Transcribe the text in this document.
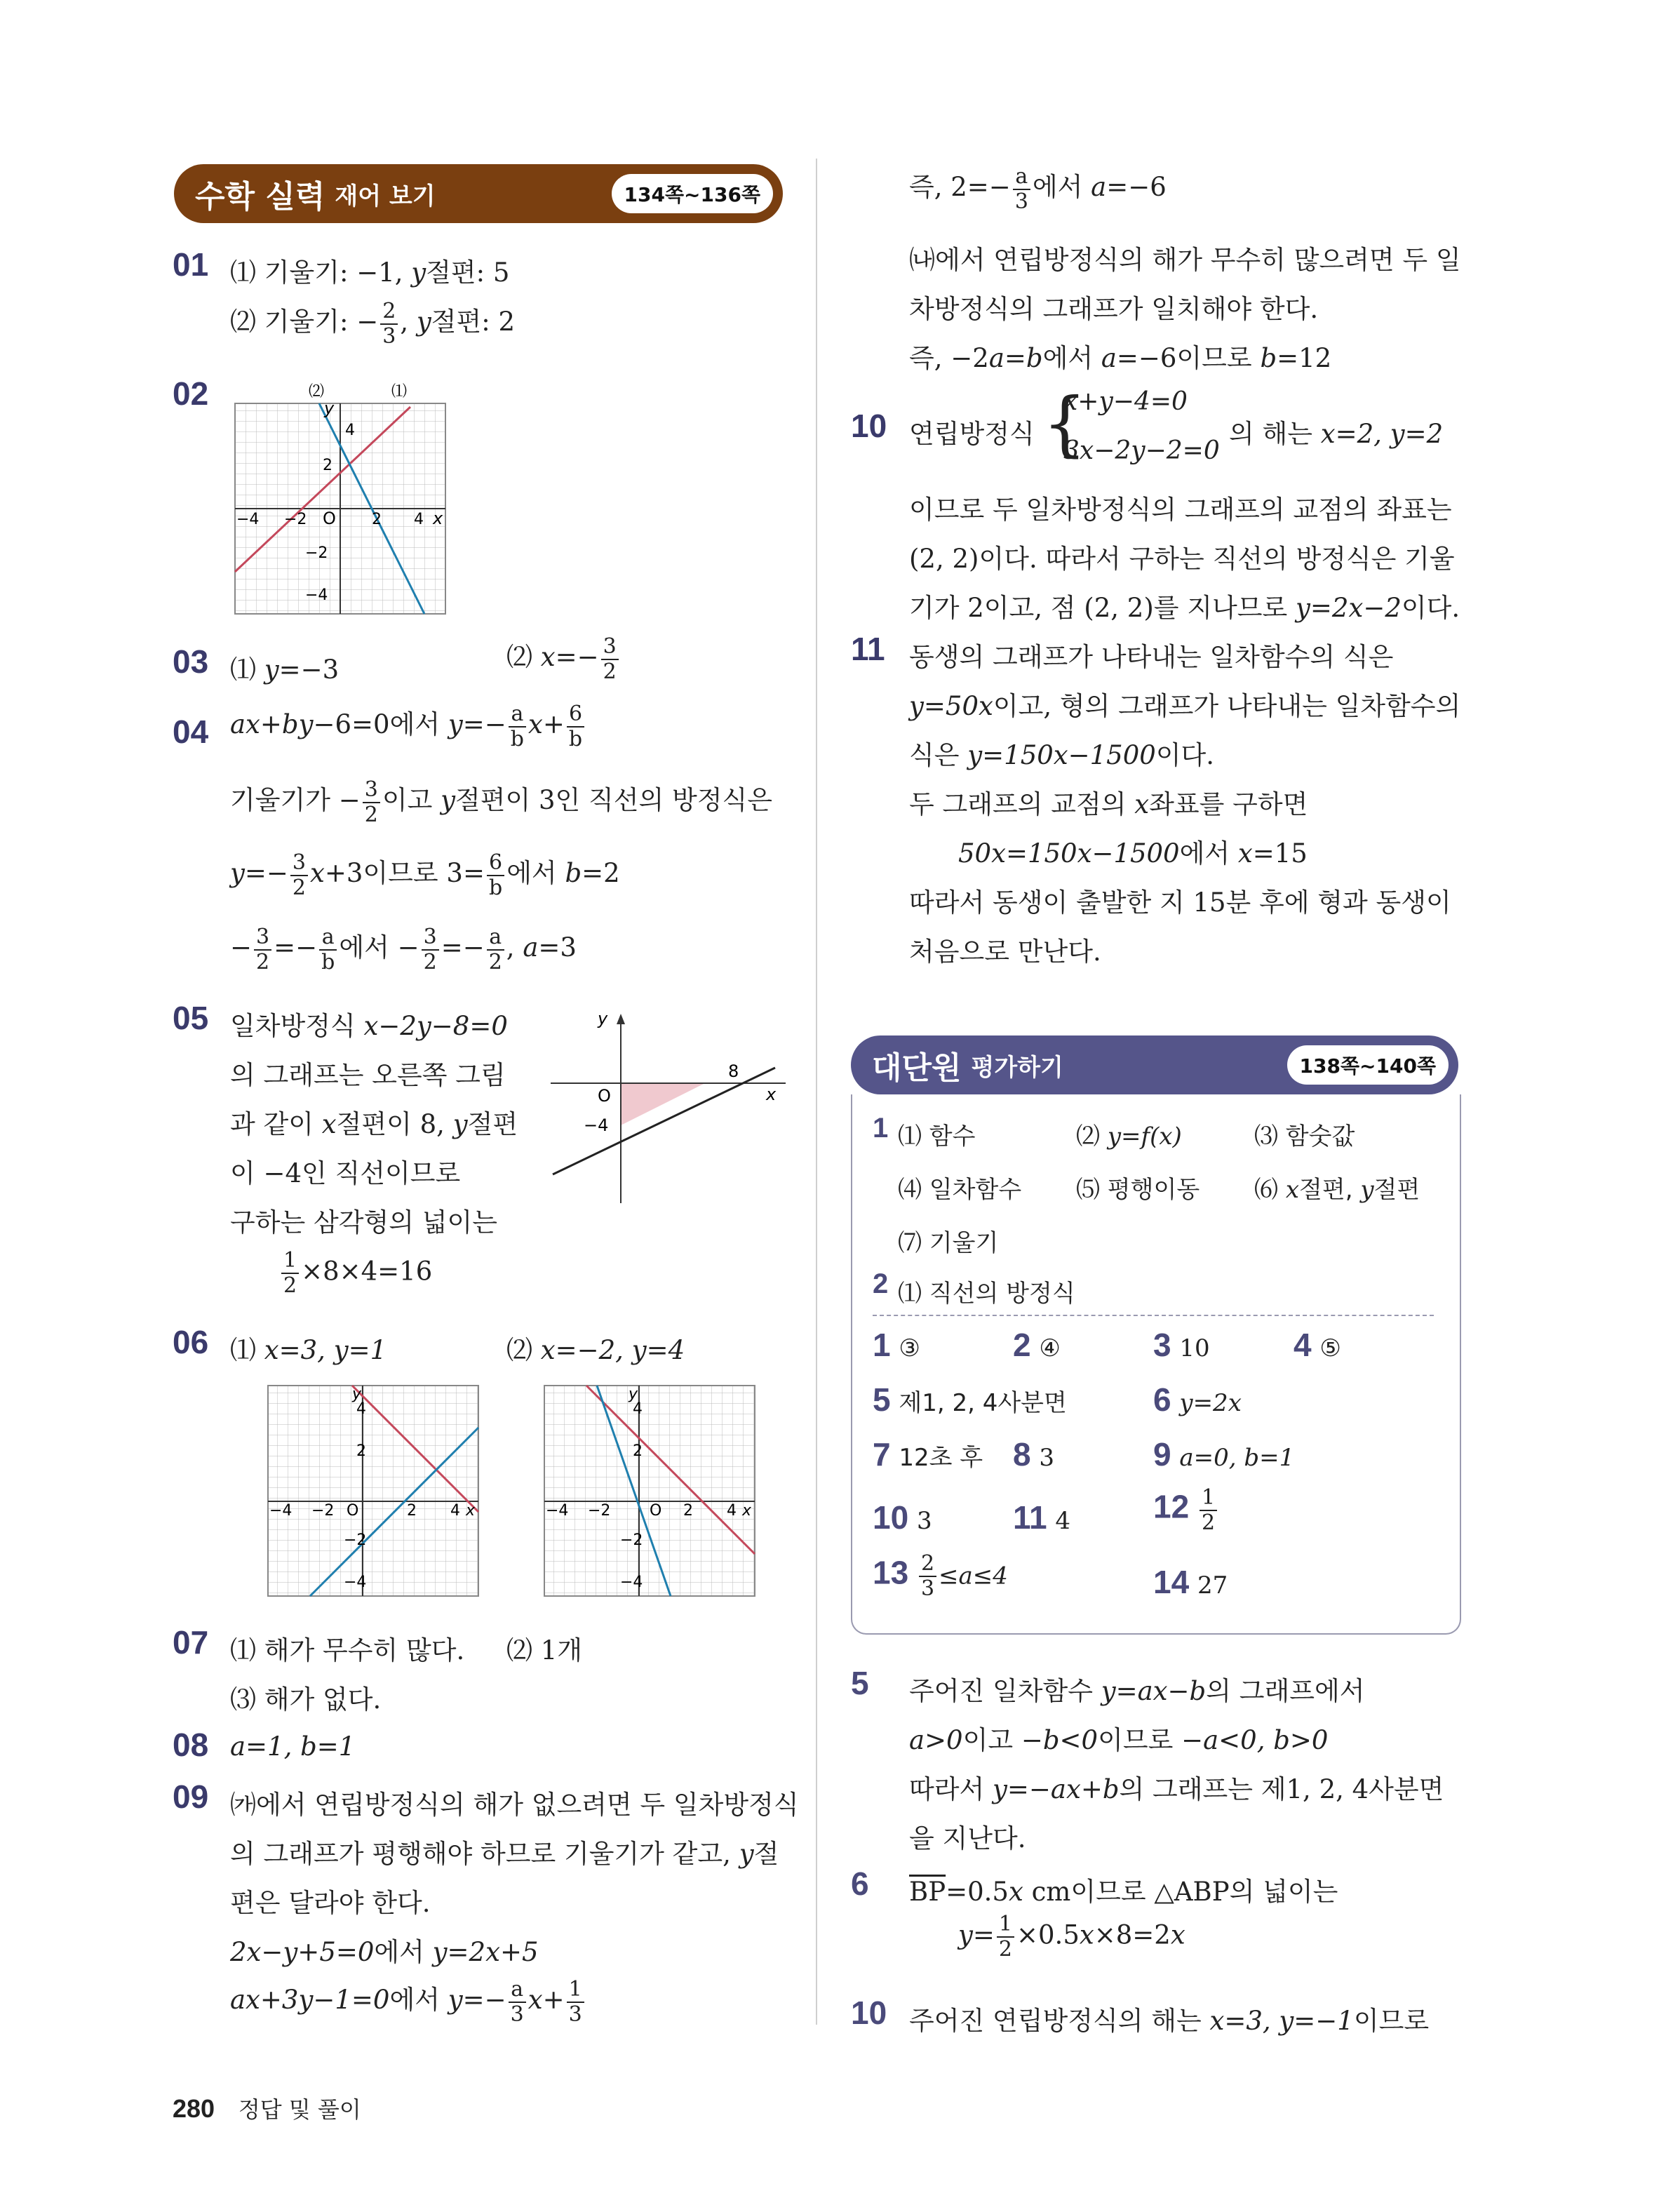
수학 실력 재어 보기	134쪽~136쪽
대단원 평가하기	138쪽~140쪽
01 ⑴ 기울기: −1, y절편: 5
⑵ 기울기: − $\frac{2}{3}$ , y절편: 2
02	⑵	⑴
y
x
O
4
2
2 4
−2
−4
−2
−4
03 ⑴ y=−3	⑵ $x=- \frac{3}{2}$
04 ax+by−6=0에서 $y=- \frac{a}{b} x+ \frac{6}{b}$
기울기가 − $\frac{3}{2}$ 이고 y절편이 3인 직선의 방정식은
$y=- \frac{3}{2} x+3$이므로 $3= \frac{6}{b}$ 에서 b=2
− $\frac{3}{2} =- \frac{a}{b}$ 에서 − $\frac{3}{2} =- \frac{a}{2}$ , a=3
05 일차방정식 x−2y−8=0
의 그래프는 오른쪽 그림
과 같이 x절편이 8, y절편
이 −4인 직선이므로
구하는 삼각형의 넓이는
$\frac{1}{2} \times 8\times 4=16$
y
x
O
8
−4
06 ⑴ x=3, y=1	⑵ x=−2, y=4
y
x
O
4
2
2 4
−2
−4
−2
−4
y
x
O
4
2
2 4
−2
−4
−2
−4
07 ⑴ 해가 무수히 많다. ⑵ 1개
⑶ 해가 없다.
08 a=1, b=1
09 ㈎에서 연립방정식의 해가 없으려면 두 일차방정식
의 그래프가 평행해야 하므로 기울기가 같고, y절
편은 달라야 한다.
2x−y+5=0에서 y=2x+5
ax+3y−1=0에서 $y=- \frac{a}{3} x+ \frac{1}{3}$
280 정답 및 풀이
즉, $2=- \frac{a}{3}$ 에서 a=−6
㈏에서 연립방정식의 해가 무수히 많으려면 두 일
차방정식의 그래프가 일치해야 한다.
즉, −2a=b에서 a=−6이므로 b=12
10 연립방정식 {
x+y−4=0
3x−2y−2=0
의 해는 x=2, y=2
이므로 두 일차방정식의 그래프의 교점의 좌표는
(2, 2)이다. 따라서 구하는 직선의 방정식은 기울
기가 2이고, 점 (2, 2)를 지나므로 y=2x−2이다.
11 동생의 그래프가 나타내는 일차함수의 식은
y=50x이고, 형의 그래프가 나타내는 일차함수의
식은 y=150x−1500이다.
두 그래프의 교점의 x좌표를 구하면
50x=150x−1500에서 x=15
따라서 동생이 출발한 지 15분 후에 형과 동생이
처음으로 만난다.
1 ⑴ 함수	⑵ y=f(x)	⑶ 함숫값
⑷ 일차함수 ⑸ 평행이동 ⑹ x절편, y절편
⑺ 기울기
2 ⑴ 직선의 방정식
1 ③	2 ④	3 10	4 ⑤
5 제1, 2, 4사분면	6 y=2x
7 12초 후 8 3	9 a=0, b=1
10 3	11 4	$12 \frac{1}{2}$
$13 \frac{2}{3} \le a\le 4$	14 27
5 주어진 일차함수 y=ax−b의 그래프에서
a>0이고 −b<0이므로 −a<0, b>0
따라서 y=−ax+b의 그래프는 제1, 2, 4사분면
을 지난다.
6 $\overline{BP}=0.5x$ cm이므로 △ABP의 넓이는
$y= \frac{1}{2} \times 0.5x\times 8=2x$
10 주어진 연립방정식의 해는 x=3, y=−1이므로
